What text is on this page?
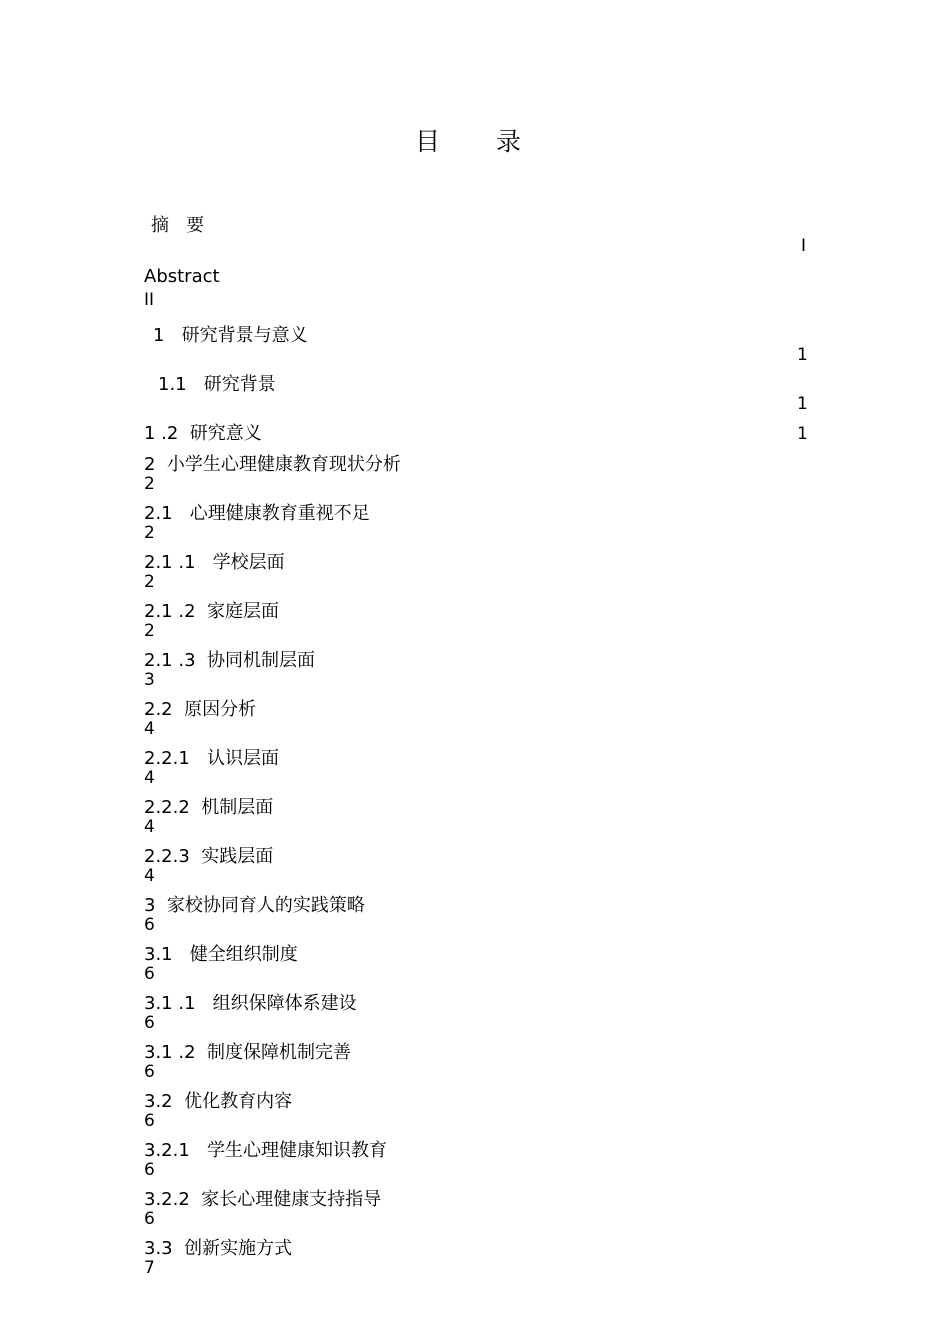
目 录
摘   要
I
Abstract
II
1   研究背景与意义
1
1.1   研究背景
1
1 .2  研究意义	1
2  小学生心理健康教育现状分析
2
2.1   心理健康教育重视不足
2
2.1 .1   学校层面
2
2.1 .2  家庭层面
2
2.1 .3  协同机制层面
3
2.2  原因分析
4
2.2.1   认识层面
4
2.2.2  机制层面
4
2.2.3  实践层面
4
3  家校协同育人的实践策略
6
3.1   健全组织制度
6
3.1 .1   组织保障体系建设
6
3.1 .2  制度保障机制完善
6
3.2  优化教育内容
6
3.2.1   学生心理健康知识教育
6
3.2.2  家长心理健康支持指导
6
3.3  创新实施方式
7
